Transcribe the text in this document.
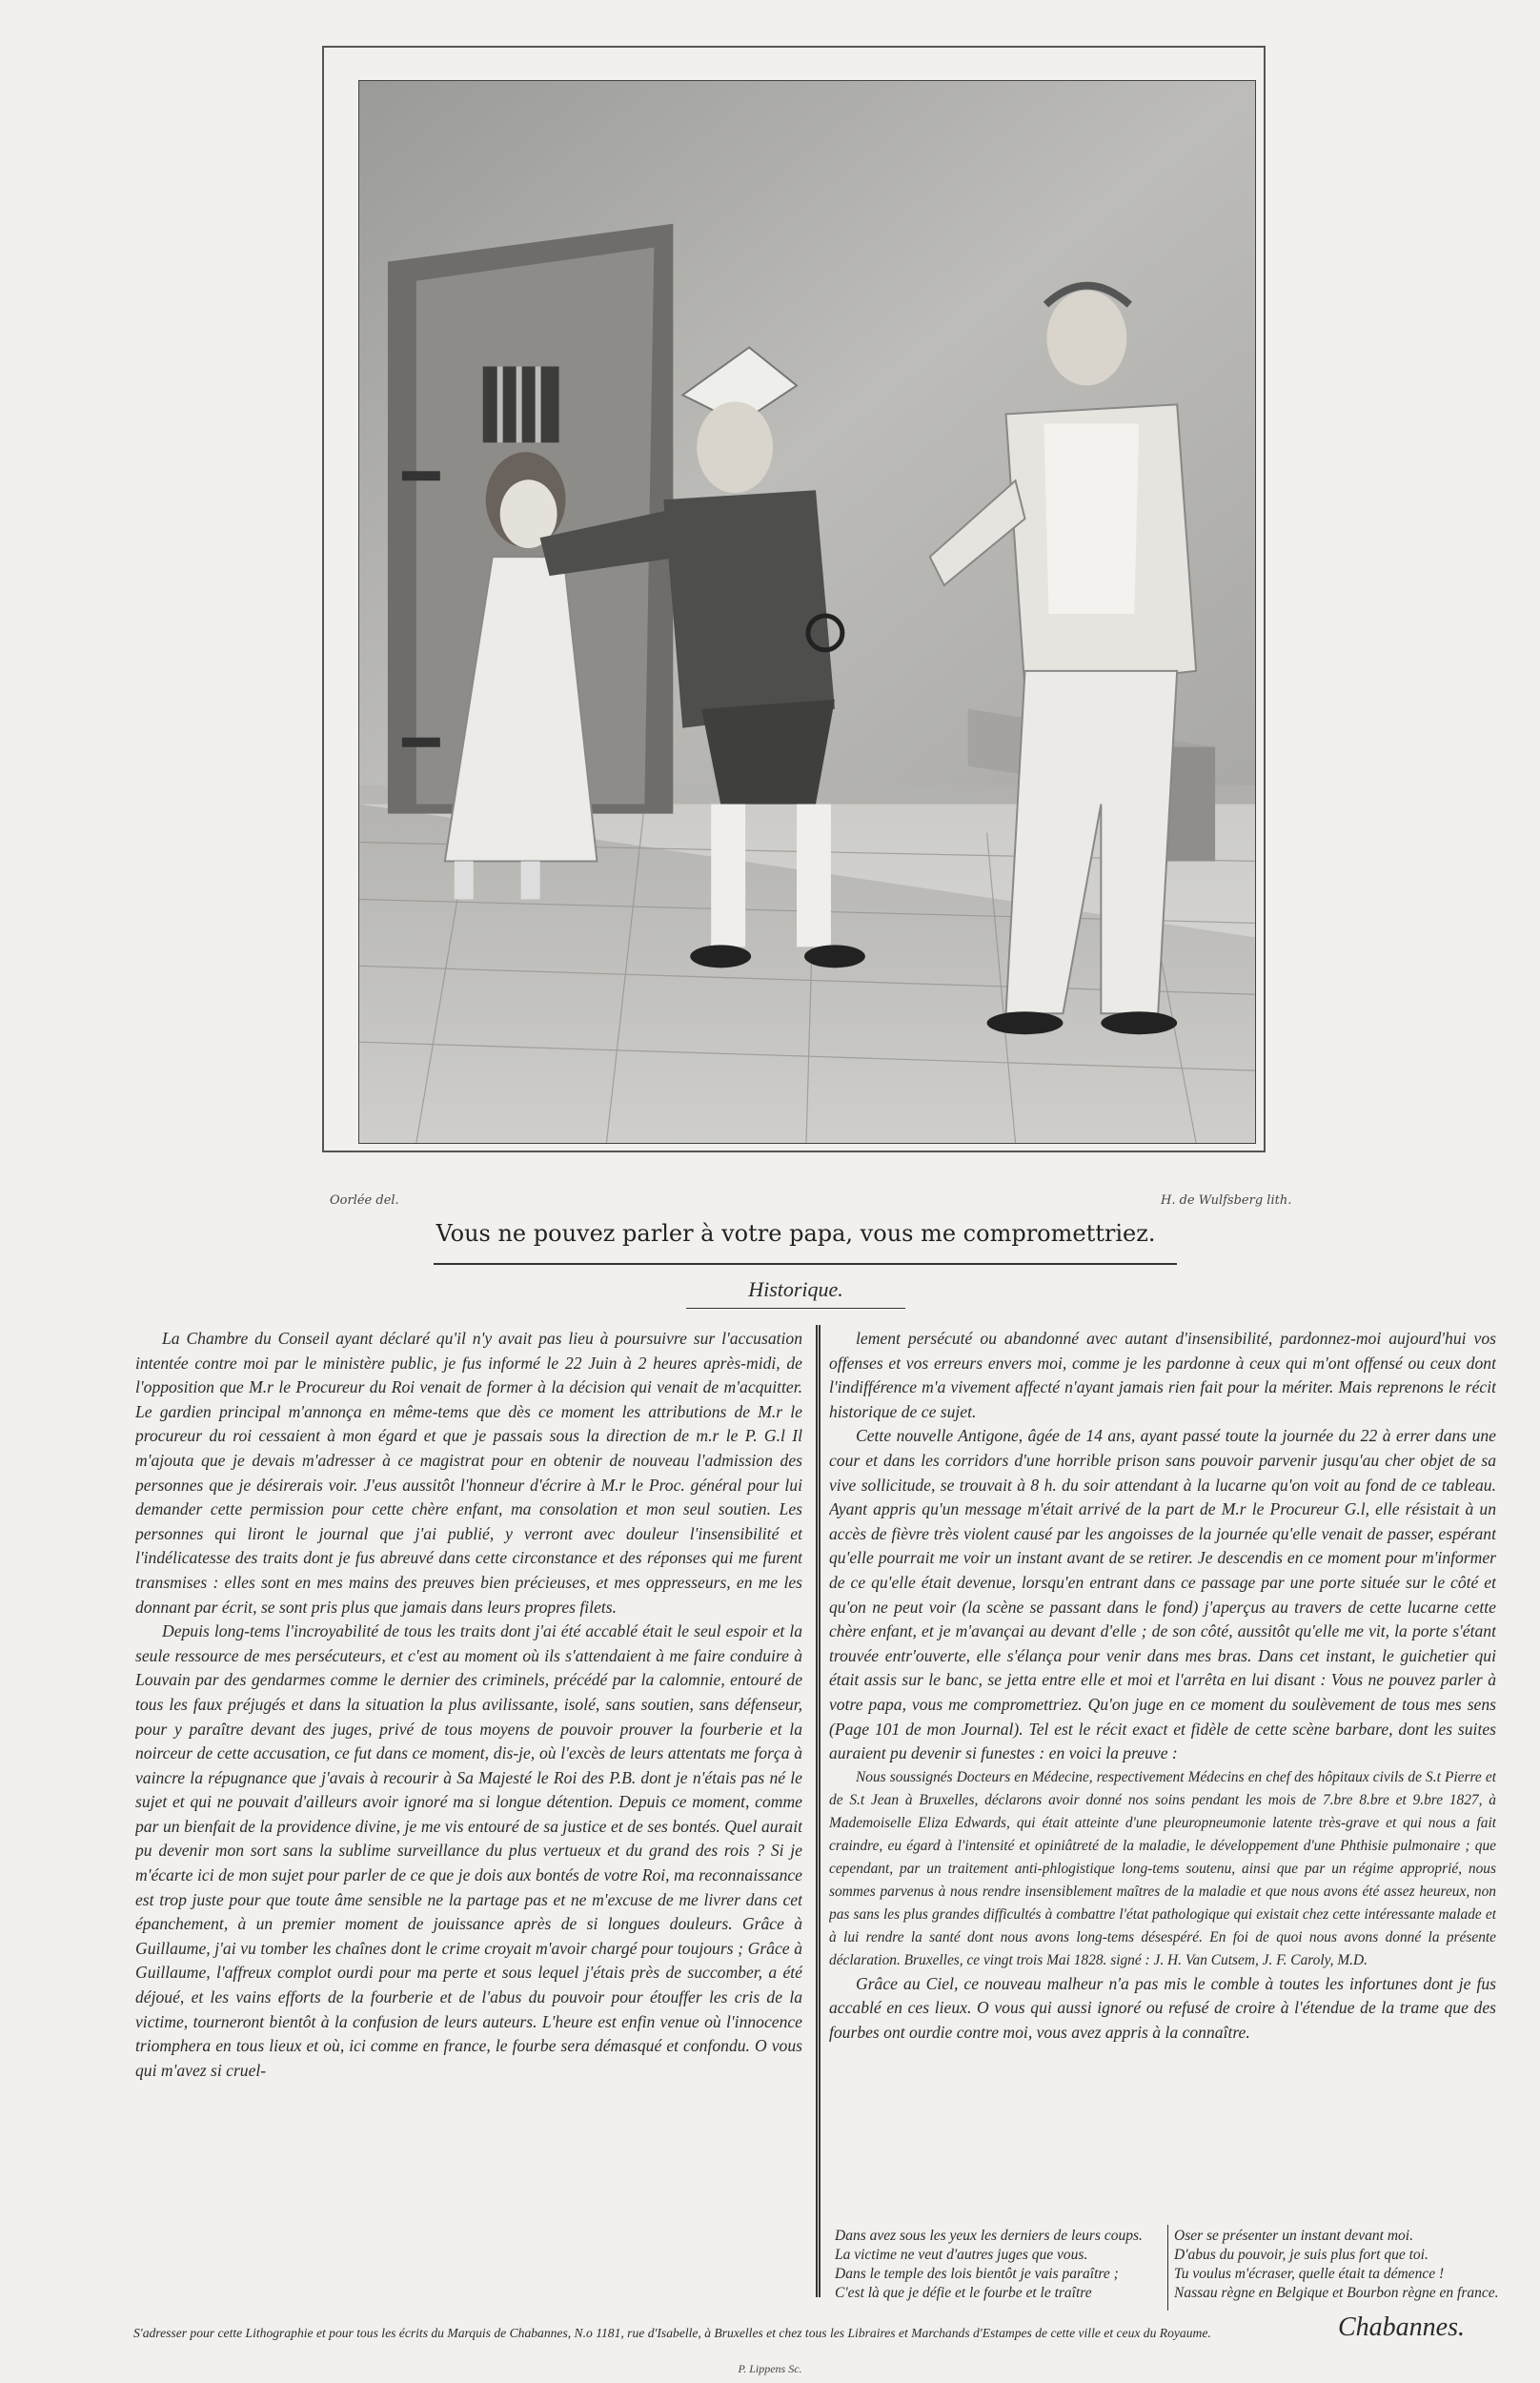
Oorlée del.	H. de Wulfsberg lith.
Vous ne pouvez parler à votre papa, vous me compromettriez.
Historique.

La Chambre du Conseil ayant déclaré qu'il n'y avait pas lieu à poursuivre sur l'accusation intentée contre moi par le ministère public, je fus informé le 22 Juin à 2 heures après-midi, de l'opposition que M.r le Procureur du Roi venait de former à la décision qui venait de m'acquitter. Le gardien principal m'annonça en même-tems que dès ce moment les attributions de M.r le procureur du roi cessaient à mon égard et que je passais sous la direction de m.r le P. G.l Il m'ajouta que je devais m'adresser à ce magistrat pour en obtenir de nouveau l'admission des personnes que je désirerais voir. J'eus aussitôt l'honneur d'écrire à M.r le Proc. général pour lui demander cette permission pour cette chère enfant, ma consolation et mon seul soutien. Les personnes qui liront le journal que j'ai publié, y verront avec douleur l'insensibilité et l'indélicatesse des traits dont je fus abreuvé dans cette circonstance et des réponses qui me furent transmises : elles sont en mes mains des preuves bien précieuses, et mes oppresseurs, en me les donnant par écrit, se sont pris plus que jamais dans leurs propres filets.

Depuis long-tems l'incroyabilité de tous les traits dont j'ai été accablé était le seul espoir et la seule ressource de mes persécuteurs, et c'est au moment où ils s'attendaient à me faire conduire à Louvain par des gendarmes comme le dernier des criminels, précédé par la calomnie, entouré de tous les faux préjugés et dans la situation la plus avilissante, isolé, sans soutien, sans défenseur, pour y paraître devant des juges, privé de tous moyens de pouvoir prouver la fourberie et la noirceur de cette accusation, ce fut dans ce moment, dis-je, où l'excès de leurs attentats me força à vaincre la répugnance que j'avais à recourir à Sa Majesté le Roi des P.B. dont je n'étais pas né le sujet et qui ne pouvait d'ailleurs avoir ignoré ma si longue détention. Depuis ce moment, comme par un bienfait de la providence divine, je me vis entouré de sa justice et de ses bontés. Quel aurait pu devenir mon sort sans la sublime surveillance du plus vertueux et du grand des rois ? Si je m'écarte ici de mon sujet pour parler de ce que je dois aux bontés de votre Roi, ma reconnaissance est trop juste pour que toute âme sensible ne la partage pas et ne m'excuse de me livrer dans cet épanchement, à un premier moment de jouissance après de si longues douleurs. Grâce à Guillaume, j'ai vu tomber les chaînes dont le crime croyait m'avoir chargé pour toujours ; Grâce à Guillaume, l'affreux complot ourdi pour ma perte et sous lequel j'étais près de succomber, a été déjoué, et les vains efforts de la fourberie et de l'abus du pouvoir pour étouffer les cris de la victime, tourneront bientôt à la confusion de leurs auteurs. L'heure est enfin venue où l'innocence triomphera en tous lieux et où, ici comme en france, le fourbe sera démasqué et confondu. O vous qui m'avez si cruel-

lement persécuté ou abandonné avec autant d'insensibilité, pardonnez-moi aujourd'hui vos offenses et vos erreurs envers moi, comme je les pardonne à ceux qui m'ont offensé ou ceux dont l'indifférence m'a vivement affecté n'ayant jamais rien fait pour la mériter. Mais reprenons le récit historique de ce sujet.

Cette nouvelle Antigone, âgée de 14 ans, ayant passé toute la journée du 22 à errer dans une cour et dans les corridors d'une horrible prison sans pouvoir parvenir jusqu'au cher objet de sa vive sollicitude, se trouvait à 8 h. du soir attendant à la lucarne qu'on voit au fond de ce tableau. Ayant appris qu'un message m'était arrivé de la part de M.r le Procureur G.l, elle résistait à un accès de fièvre très violent causé par les angoisses de la journée qu'elle venait de passer, espérant qu'elle pourrait me voir un instant avant de se retirer. Je descendis en ce moment pour m'informer de ce qu'elle était devenue, lorsqu'en entrant dans ce passage par une porte située sur le côté et qu'on ne peut voir (la scène se passant dans le fond) j'aperçus au travers de cette lucarne cette chère enfant, et je m'avançai au devant d'elle ; de son côté, aussitôt qu'elle me vit, la porte s'étant trouvée entr'ouverte, elle s'élança pour venir dans mes bras. Dans cet instant, le guichetier qui était assis sur le banc, se jetta entre elle et moi et l'arrêta en lui disant : Vous ne pouvez parler à votre papa, vous me compromettriez. Qu'on juge en ce moment du soulèvement de tous mes sens (Page 101 de mon Journal). Tel est le récit exact et fidèle de cette scène barbare, dont les suites auraient pu devenir si funestes : en voici la preuve :

Nous soussignés Docteurs en Médecine, respectivement Médecins en chef des hôpitaux civils de S.t Pierre et de S.t Jean à Bruxelles, déclarons avoir donné nos soins pendant les mois de 7.bre 8.bre et 9.bre 1827, à Mademoiselle Eliza Edwards, qui était atteinte d'une pleuropneumonie latente très-grave et qui nous a fait craindre, eu égard à l'intensité et opiniâtreté de la maladie, le développement d'une Phthisie pulmonaire ; que cependant, par un traitement anti-phlogistique long-tems soutenu, ainsi que par un régime approprié, nous sommes parvenus à nous rendre insensiblement maîtres de la maladie et que nous avons été assez heureux, non pas sans les plus grandes difficultés à combattre l'état pathologique qui existait chez cette intéressante malade et à lui rendre la santé dont nous avons long-tems désespéré. En foi de quoi nous avons donné la présente déclaration. Bruxelles, ce vingt trois Mai 1828. signé : J. H. Van Cutsem, J. F. Caroly, M.D.

Grâce au Ciel, ce nouveau malheur n'a pas mis le comble à toutes les infortunes dont je fus accablé en ces lieux. O vous qui aussi ignoré ou refusé de croire à l'étendue de la trame que des fourbes ont ourdie contre moi, vous avez appris à la connaître.

Dans avez sous les yeux les derniers de leurs coups.
La victime ne veut d'autres juges que vous.
Dans le temple des lois bientôt je vais paraître ;
C'est là que je défie et le fourbe et le traître
Oser se présenter un instant devant moi.
D'abus du pouvoir, je suis plus fort que toi.
Tu voulus m'écraser, quelle était ta démence !
Nassau règne en Belgique et Bourbon règne en france.
S'adresser pour cette Lithographie et pour tous les écrits du Marquis de Chabannes, N.o 1181, rue d'Isabelle, à Bruxelles et chez tous les Libraires et Marchands d'Estampes de cette ville et ceux du Royaume.	Chabannes.
P. Lippens Sc.
